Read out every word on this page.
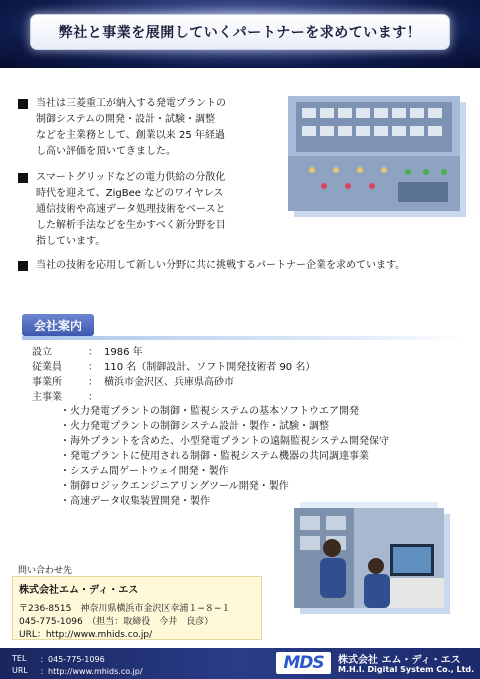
弊社と事業を展開していくパートナーを求めています！
当社は三菱重工が納入する発電プラントの
制御システムの開発・設計・試験・調整
などを主業務として、創業以来 25 年経過
し高い評価を頂いてきました。
スマートグリッドなどの電力供給の分散化
時代を迎えて、ZigBee などのワイヤレス
通信技術や高速データ処理技術をベースと
した解析手法などを生かすべく新分野を目
指しています。
当社の技術を応用して新しい分野に共に挑戦するパートナー企業を求めています。
会社案内
設立	： 1986 年
従業員	： 110 名（制御設計、ソフト開発技術者 90 名）
事業所	： 横浜市金沢区、兵庫県高砂市
主事業	：
・火力発電プラントの制御・監視システムの基本ソフトウエア開発
・火力発電プラントの制御システム設計・製作・試験・調整
・海外プラントを含めた、小型発電プラントの遠隔監視システム開発保守
・発電プラントに使用される制御・監視システム機器の共同調達事業
・システム間ゲートウェイ開発・製作
・制御ロジックエンジニアリングツール開発・製作
・高速データ収集装置開発・製作
問い合わせ先
株式会社エム・ディ・エス
〒236-8515　神奈川県横浜市金沢区幸浦１−８−１
045-775-1096　（担当：取締役　今井　良彦）
URL：http://www.mhids.co.jp/
TEL	：045-775-1096
URL	：http://www.mhids.co.jp/	MDS	株式会社 エム・ディ・エス
M.H.I. Digital System Co., Ltd.
